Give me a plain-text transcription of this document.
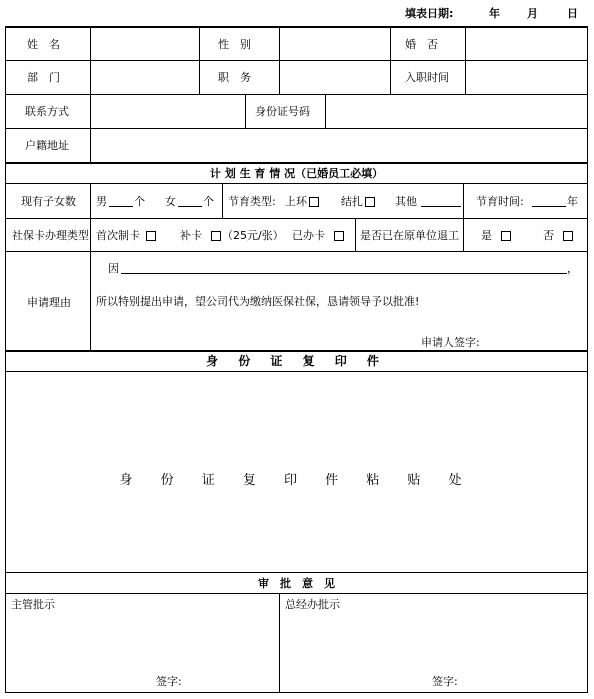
填表日期:	年 月	日
姓　名	性　别	婚　否
部　门	职　务	入职时间
联系方式	身份证号码
户籍地址
计 划 生 育 情 况（已婚员工必填）
现有子女数 男 个 女 个 节育类型: 上环	结扎	其他	节育时间:	年
社保卡办理类型 首次制卡	补卡	（25元/张） 已办卡	是否已在原单位退工 是	否
申请理由
因	，
所以特别提出申请，望公司代为缴纳医保社保，恳请领导予以批准!
申请人签字:
身 份 证 复 印 件
身 份 证 复 印 件 粘 贴 处
审　批　意　见
主管批示
签字:
总经办批示
签字:
